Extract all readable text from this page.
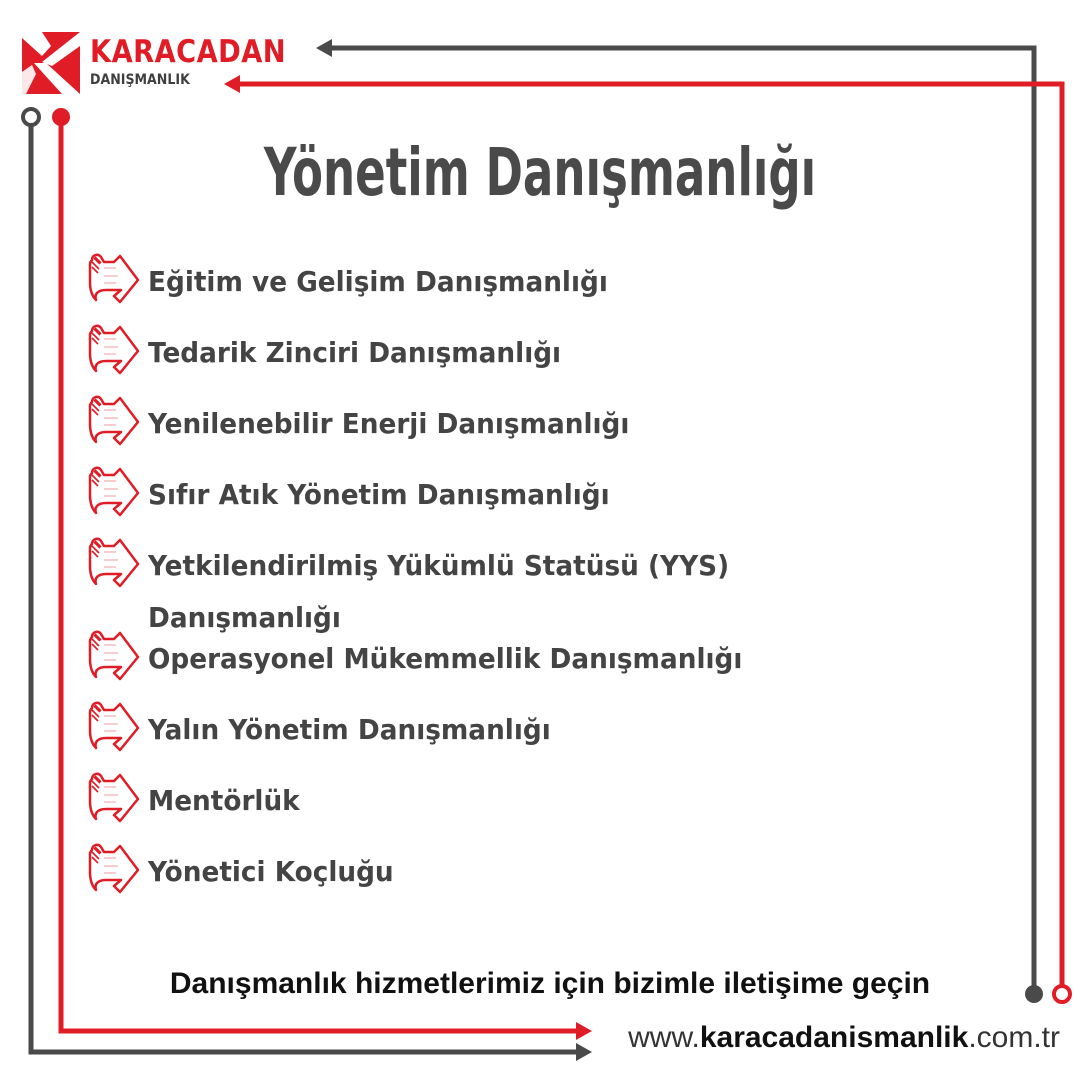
KARACADAN
DANIŞMANLIK
Yönetim Danışmanlığı
Eğitim ve Gelişim Danışmanlığı
Tedarik Zinciri Danışmanlığı
Yenilenebilir Enerji Danışmanlığı
Sıfır Atık Yönetim Danışmanlığı
Yetkilendirilmiş Yükümlü Statüsü (YYS) Danışmanlığı
Operasyonel Mükemmellik Danışmanlığı
Yalın Yönetim Danışmanlığı
Mentörlük
Yönetici Koçluğu
Danışmanlık hizmetlerimiz için bizimle iletişime geçin
www.karacadanismanlik.com.tr
